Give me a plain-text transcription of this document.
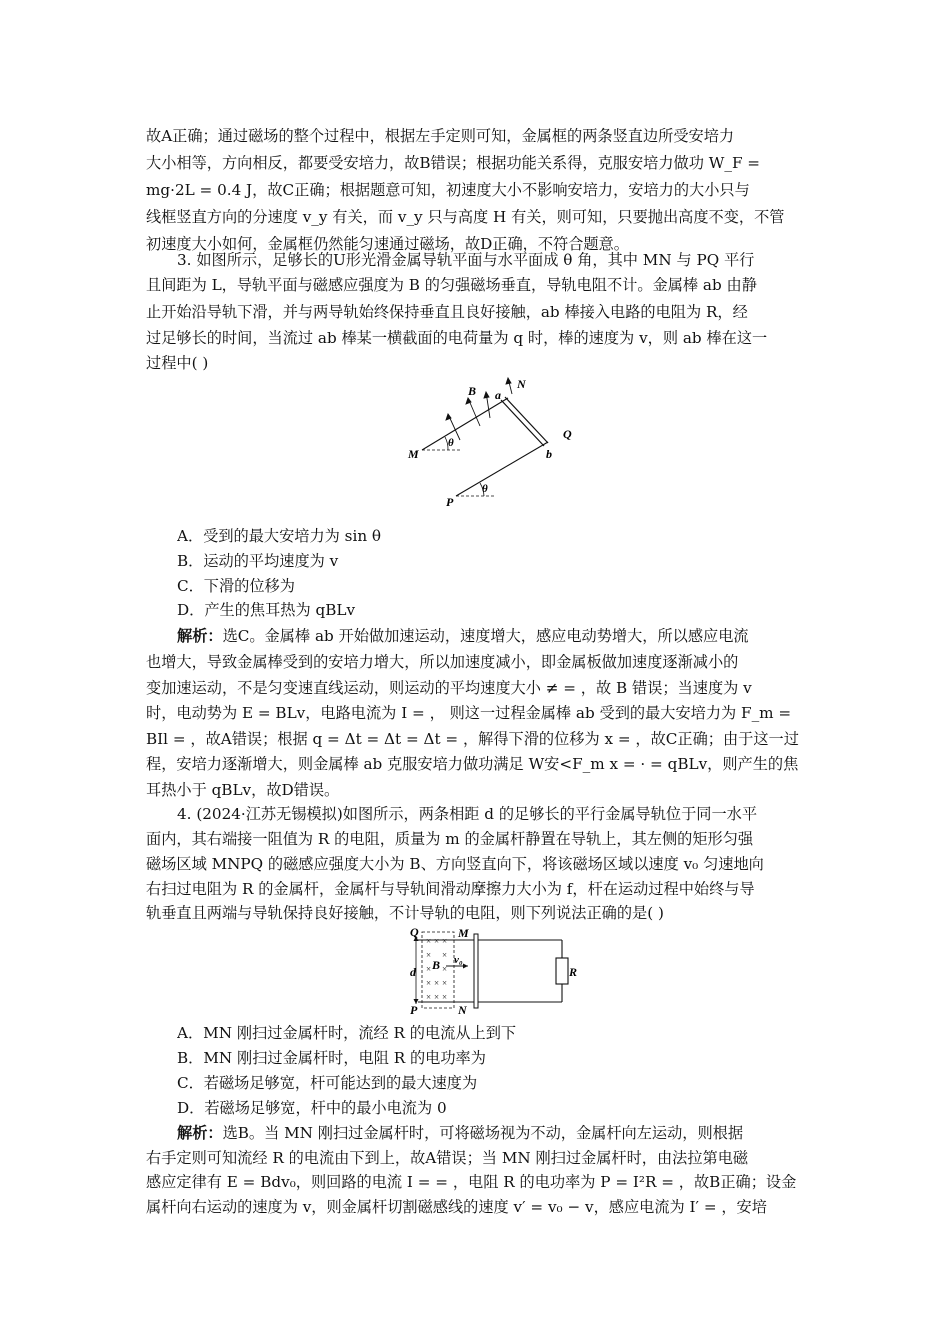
故A正确；通过磁场的整个过程中，根据左手定则可知，金属框的两条竖直边所受安培力
大小相等，方向相反，都要受安培力，故B错误；根据功能关系得，克服安培力做功 W_F =
mg·2L = 0.4 J，故C正确；根据题意可知，初速度大小不影响安培力，安培力的大小只与
线框竖直方向的分速度 v_y 有关，而 v_y 只与高度 H 有关，则可知，只要抛出高度不变，不管
初速度大小如何，金属框仍然能匀速通过磁场，故D正确，不符合题意。
3. 如图所示，足够长的U形光滑金属导轨平面与水平面成 θ 角，其中 MN 与 PQ 平行
且间距为 L，导轨平面与磁感应强度为 B 的匀强磁场垂直，导轨电阻不计。金属棒 ab 由静
止开始沿导轨下滑，并与两导轨始终保持垂直且良好接触，ab 棒接入电路的电阻为 R，经
过足够长的时间，当流过 ab 棒某一横截面的电荷量为 q 时，棒的速度为 v，则 ab 棒在这一
过程中( )
B a
N
Q
M	b
P
θ
θ
A．受到的最大安培力为 sin θ
B．运动的平均速度为 v
C．下滑的位移为
D．产生的焦耳热为 qBLv
解析：选C。金属棒 ab 开始做加速运动，速度增大，感应电动势增大，所以感应电流
也增大，导致金属棒受到的安培力增大，所以加速度减小，即金属板做加速度逐渐减小的
变加速运动，不是匀变速直线运动，则运动的平均速度大小 ≠ = ，故 B 错误；当速度为 v
时，电动势为 E = BLv，电路电流为 I = ， 则这一过程金属棒 ab 受到的最大安培力为 F_m =
BIl = ，故A错误；根据 q = Δt = Δt = Δt = ，解得下滑的位移为 x = ，故C正确；由于这一过
程，安培力逐渐增大，则金属棒 ab 克服安培力做功满足 W安<F_m x = · = qBLv，则产生的焦
耳热小于 qBLv，故D错误。
4. (2024·江苏无锡模拟)如图所示，两条相距 d 的足够长的平行金属导轨位于同一水平
面内，其右端接一阻值为 R 的电阻，质量为 m 的金属杆静置在导轨上，其左侧的矩形匀强
磁场区域 MNPQ 的磁感应强度大小为 B、方向竖直向下，将该磁场区域以速度 v₀ 匀速地向
右扫过电阻为 R 的金属杆，金属杆与导轨间滑动摩擦力大小为 f，杆在运动过程中始终与导
轨垂直且两端与导轨保持良好接触，不计导轨的电阻，则下列说法正确的是( )
× × ×
× ×
× ×
× × ×
× × ×
Q	M
d B v₀
R
P	N
A．MN 刚扫过金属杆时，流经 R 的电流从上到下
B．MN 刚扫过金属杆时，电阻 R 的电功率为
C．若磁场足够宽，杆可能达到的最大速度为
D．若磁场足够宽，杆中的最小电流为 0
解析：选B。当 MN 刚扫过金属杆时，可将磁场视为不动，金属杆向左运动，则根据
右手定则可知流经 R 的电流由下到上，故A错误；当 MN 刚扫过金属杆时，由法拉第电磁
感应定律有 E = Bdv₀，则回路的电流 I = = ，电阻 R 的电功率为 P = I²R = ，故B正确；设金
属杆向右运动的速度为 v，则金属杆切割磁感线的速度 v′ = v₀ − v，感应电流为 I′ = ，安培
